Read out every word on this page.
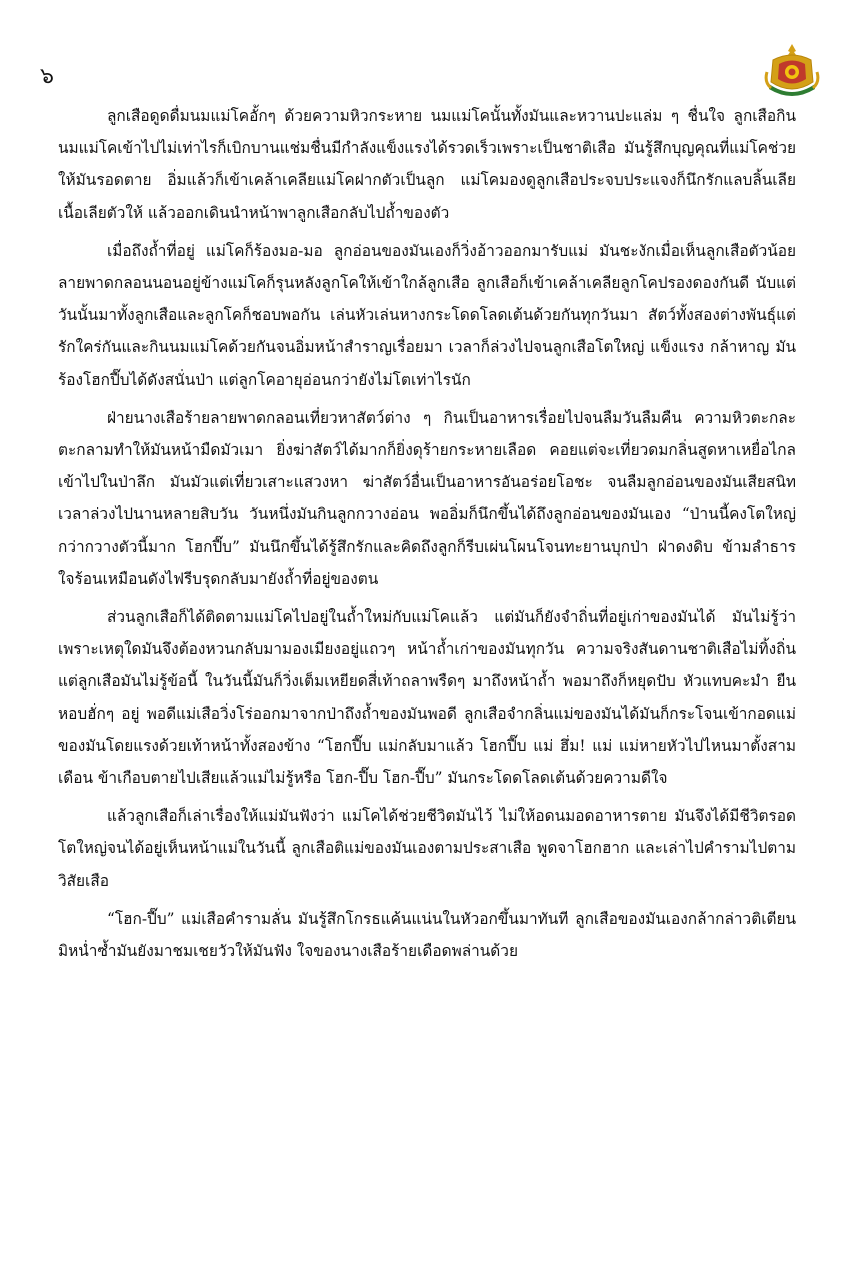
๖

ลูกเสือดูดดื่มนมแม่โคอั้กๆ ด้วยความหิวกระหาย นมแม่โคนั้นทั้งมันและหวานปะแล่ม ๆ ชื่นใจ ลูกเสือกินนมแม่โคเข้าไปไม่เท่าไรก็เบิกบานแช่มชื่นมีกำลังแข็งแรงได้รวดเร็วเพราะเป็นชาติเสือ มันรู้สึกบุญคุณที่แม่โคช่วยให้มันรอดตาย อิ่มแล้วก็เข้าเคล้าเคลียแม่โคฝากตัวเป็นลูก แม่โคมองดูลูกเสือประจบประแจงก็นึกรักแลบลิ้นเลียเนื้อเลียตัวให้ แล้วออกเดินนำหน้าพาลูกเสือกลับไปถ้ำของตัว

เมื่อถึงถ้ำที่อยู่ แม่โคก็ร้องมอ-มอ ลูกอ่อนของมันเองก็วิ่งอ้าวออกมารับแม่ มันชะงักเมื่อเห็นลูกเสือตัวน้อยลายพาดกลอนนอนอยู่ข้างแม่โคก็รุนหลังลูกโคให้เข้าใกล้ลูกเสือ ลูกเสือก็เข้าเคล้าเคลียลูกโคปรองดองกันดี นับแต่วันนั้นมาทั้งลูกเสือและลูกโคก็ชอบพอกัน เล่นหัวเล่นหางกระโดดโลดเต้นด้วยกันทุกวันมา สัตว์ทั้งสองต่างพันธุ์แต่รักใคร่กันและกินนมแม่โคด้วยกันจนอิ่มหน้าสำราญเรื่อยมา เวลาก็ล่วงไปจนลูกเสือโตใหญ่ แข็งแรง กล้าหาญ มันร้องโฮกปี๊บได้ดังสนั่นป่า แต่ลูกโคอายุอ่อนกว่ายังไม่โตเท่าไรนัก

ฝ่ายนางเสือร้ายลายพาดกลอนเที่ยวหาสัตว์ต่าง ๆ กินเป็นอาหารเรื่อยไปจนลืมวันลืมคืน ความหิวตะกละตะกลามทำให้มันหน้ามืดมัวเมา ยิ่งฆ่าสัตว์ได้มากก็ยิ่งดุร้ายกระหายเลือด คอยแต่จะเที่ยวดมกลิ่นสูดหาเหยื่อไกลเข้าไปในป่าลึก มันมัวแต่เที่ยวเสาะแสวงหา ฆ่าสัตว์อื่นเป็นอาหารอันอร่อยโอชะ จนลืมลูกอ่อนของมันเสียสนิท เวลาล่วงไปนานหลายสิบวัน วันหนึ่งมันกินลูกกวางอ่อน พออิ่มก็นึกขึ้นได้ถึงลูกอ่อนของมันเอง “ป่านนี้คงโตใหญ่กว่ากวางตัวนี้มาก โฮกปี๊บ” มันนึกขึ้นได้รู้สึกรักและคิดถึงลูกก็รีบเผ่นโผนโจนทะยานบุกป่า ฝ่าดงดิบ ข้ามลำธาร ใจร้อนเหมือนดังไฟรีบรุดกลับมายังถ้ำที่อยู่ของตน

ส่วนลูกเสือก็ได้ติดตามแม่โคไปอยู่ในถ้ำใหม่กับแม่โคแล้ว แต่มันก็ยังจำถิ่นที่อยู่เก่าของมันได้ มันไม่รู้ว่าเพราะเหตุใดมันจึงต้องหวนกลับมามองเมียงอยู่แถวๆ หน้าถ้ำเก่าของมันทุกวัน ความจริงสันดานชาติเสือไม่ทิ้งถิ่น แต่ลูกเสือมันไม่รู้ข้อนี้ ในวันนี้มันก็วิ่งเต็มเหยียดสี่เท้าถลาพรืดๆ มาถึงหน้าถ้ำ พอมาถึงก็หยุดปับ หัวแทบคะมำ ยืนหอบฮั่กๆ อยู่ พอดีแม่เสือวิ่งโร่ออกมาจากป่าถึงถ้ำของมันพอดี ลูกเสือจำกลิ่นแม่ของมันได้มันก็กระโจนเข้ากอดแม่ของมันโดยแรงด้วยเท้าหน้าทั้งสองข้าง “โฮกปี๊บ แม่กลับมาแล้ว โฮกปี๊บ แม่ ฮึ่ม! แม่ แม่หายหัวไปไหนมาตั้งสามเดือน ข้าเกือบตายไปเสียแล้วแม่ไม่รู้หรือ โฮก-ปี๊บ โฮก-ปี๊บ” มันกระโดดโลดเต้นด้วยความดีใจ

แล้วลูกเสือก็เล่าเรื่องให้แม่มันฟังว่า แม่โคได้ช่วยชีวิตมันไว้ ไม่ให้อดนมอดอาหารตาย มันจึงได้มีชีวิตรอดโตใหญ่จนได้อยู่เห็นหน้าแม่ในวันนี้ ลูกเสือติแม่ของมันเองตามประสาเสือ พูดจาโฮกฮาก และเล่าไปคำรามไปตามวิสัยเสือ

“โฮก-ปี๊บ” แม่เสือคำรามลั่น มันรู้สึกโกรธแค้นแน่นในหัวอกขึ้นมาทันที ลูกเสือของมันเองกล้ากล่าวติเตียน มิหน่ำซ้ำมันยังมาชมเชยวัวให้มันฟัง ใจของนางเสือร้ายเดือดพล่านด้วย
